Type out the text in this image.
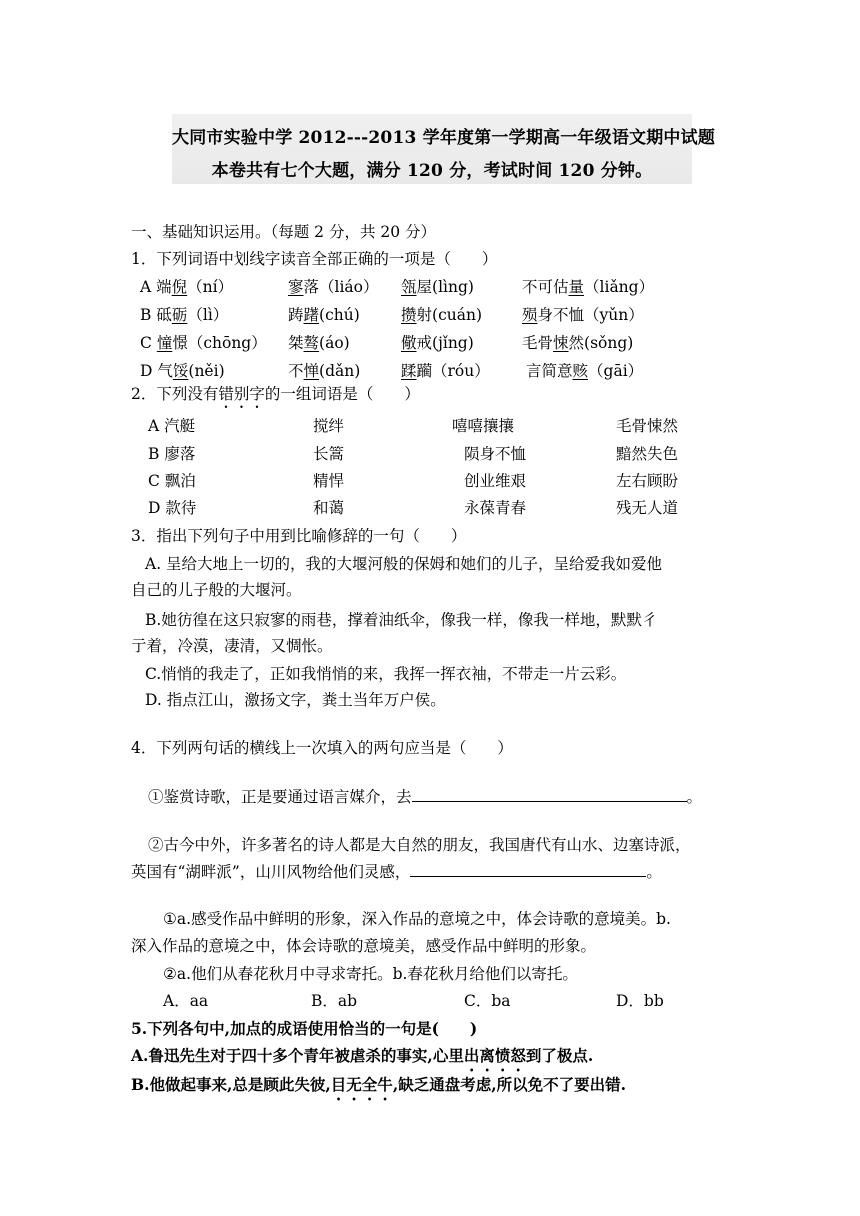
大同市实验中学 2012---2013 学年度第一学期高一年级语文期中试题
本卷共有七个大题，满分 120 分，考试时间 120 分钟。
一、基础知识运用。（每题 2 分，共 20 分）
1．下列词语中划线字读音全部正确的一项是（　　）
A 端倪（ní）	寥落（liáo） 瓴屋(lìng)	不可估量（liǎng）
B 砥砺（lì）	踌躇(chú)	攒射(cuán)	殒身不恤（yǔn）
C 憧憬（chōng） 桀骜(áo)	儆戒(jǐng)	毛骨悚然(sǒng)
D 气馁(něi)	不惮(dǎn)	蹂躏（róu） 言简意赅（gāi）
2．下列没有错别字的一组词语是（　　）
A 汽艇	搅绊	嘻嘻攘攘	毛骨悚然
B 廖落	长篙	陨身不恤	黯然失色
C 飘泊	精悍	创业维艰	左右顾盼
D 款待	和蔼	永葆青春	残无人道
3．指出下列句子中用到比喻修辞的一句（　　）
A. 呈给大地上一切的，我的大堰河般的保姆和她们的儿子，呈给爱我如爱他
自己的儿子般的大堰河。
B.她彷徨在这只寂寥的雨巷，撑着油纸伞，像我一样，像我一样地，默默彳
亍着，冷漠，凄清，又惆怅。
C.悄悄的我走了，正如我悄悄的来，我挥一挥衣袖，不带走一片云彩。
D. 指点江山，激扬文字，粪土当年万户侯。
4．下列两句话的横线上一次填入的两句应当是（　　）
①鉴赏诗歌，正是要通过语言媒介，去	。
②古今中外，许多著名的诗人都是大自然的朋友，我国唐代有山水、边塞诗派，
英国有“湖畔派”，山川风物给他们灵感，	。
①a.感受作品中鲜明的形象，深入作品的意境之中，体会诗歌的意境美。b.
深入作品的意境之中，体会诗歌的意境美，感受作品中鲜明的形象。
②a.他们从春花秋月中寻求寄托。b.春花秋月给他们以寄托。
A．aa	B．ab	C．ba	D．bb
5.下列各句中,加点的成语使用恰当的一句是(　　)
A.鲁迅先生对于四十多个青年被虐杀的事实,心里出离愤怒到了极点.
B.他做起事来,总是顾此失彼,目无全牛,缺乏通盘考虑,所以免不了要出错.
